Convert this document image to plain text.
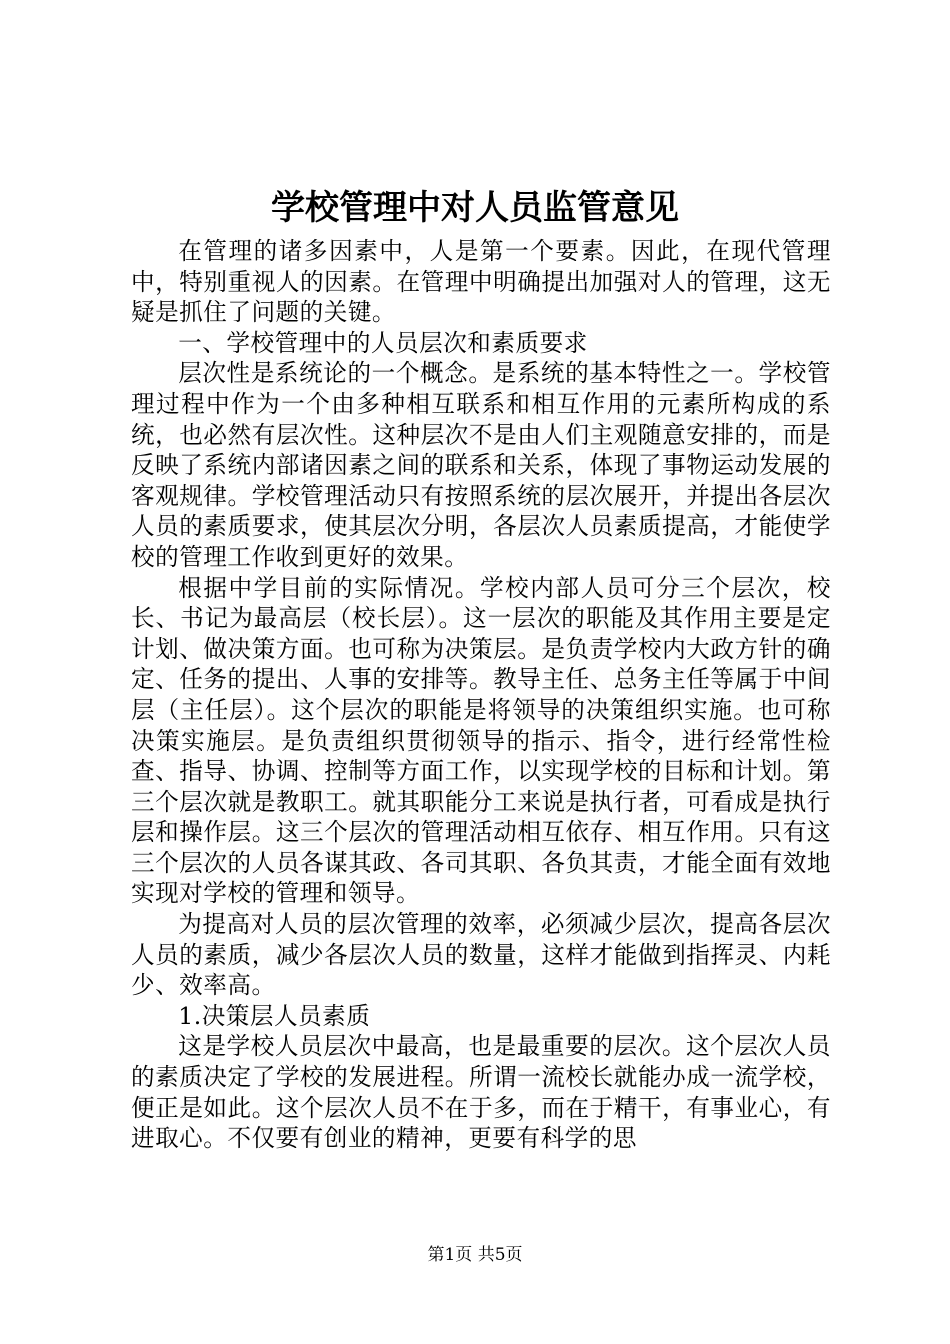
学校管理中对人员监管意见

在管理的诸多因素中，人是第一个要素。因此，在现代管理中，特别重视人的因素。在管理中明确提出加强对人的管理，这无疑是抓住了问题的关键。

一、学校管理中的人员层次和素质要求

层次性是系统论的一个概念。是系统的基本特性之一。学校管理过程中作为一个由多种相互联系和相互作用的元素所构成的系统，也必然有层次性。这种层次不是由人们主观随意安排的，而是反映了系统内部诸因素之间的联系和关系，体现了事物运动发展的客观规律。学校管理活动只有按照系统的层次展开，并提出各层次人员的素质要求，使其层次分明，各层次人员素质提高，才能使学校的管理工作收到更好的效果。

根据中学目前的实际情况。学校内部人员可分三个层次，校长、书记为最高层（校长层）。这一层次的职能及其作用主要是定计划、做决策方面。也可称为决策层。是负责学校内大政方针的确定、任务的提出、人事的安排等。教导主任、总务主任等属于中间层（主任层）。这个层次的职能是将领导的决策组织实施。也可称决策实施层。是负责组织贯彻领导的指示、指令，进行经常性检查、指导、协调、控制等方面工作，以实现学校的目标和计划。第三个层次就是教职工。就其职能分工来说是执行者，可看成是执行层和操作层。这三个层次的管理活动相互依存、相互作用。只有这三个层次的人员各谋其政、各司其职、各负其责，才能全面有效地实现对学校的管理和领导。

为提高对人员的层次管理的效率，必须减少层次，提高各层次人员的素质，减少各层次人员的数量，这样才能做到指挥灵、内耗少、效率高。

1.决策层人员素质

这是学校人员层次中最高，也是最重要的层次。这个层次人员的素质决定了学校的发展进程。所谓一流校长就能办成一流学校，便正是如此。这个层次人员不在于多，而在于精干，有事业心，有进取心。不仅要有创业的精神，更要有科学的思

第1页 共5页
